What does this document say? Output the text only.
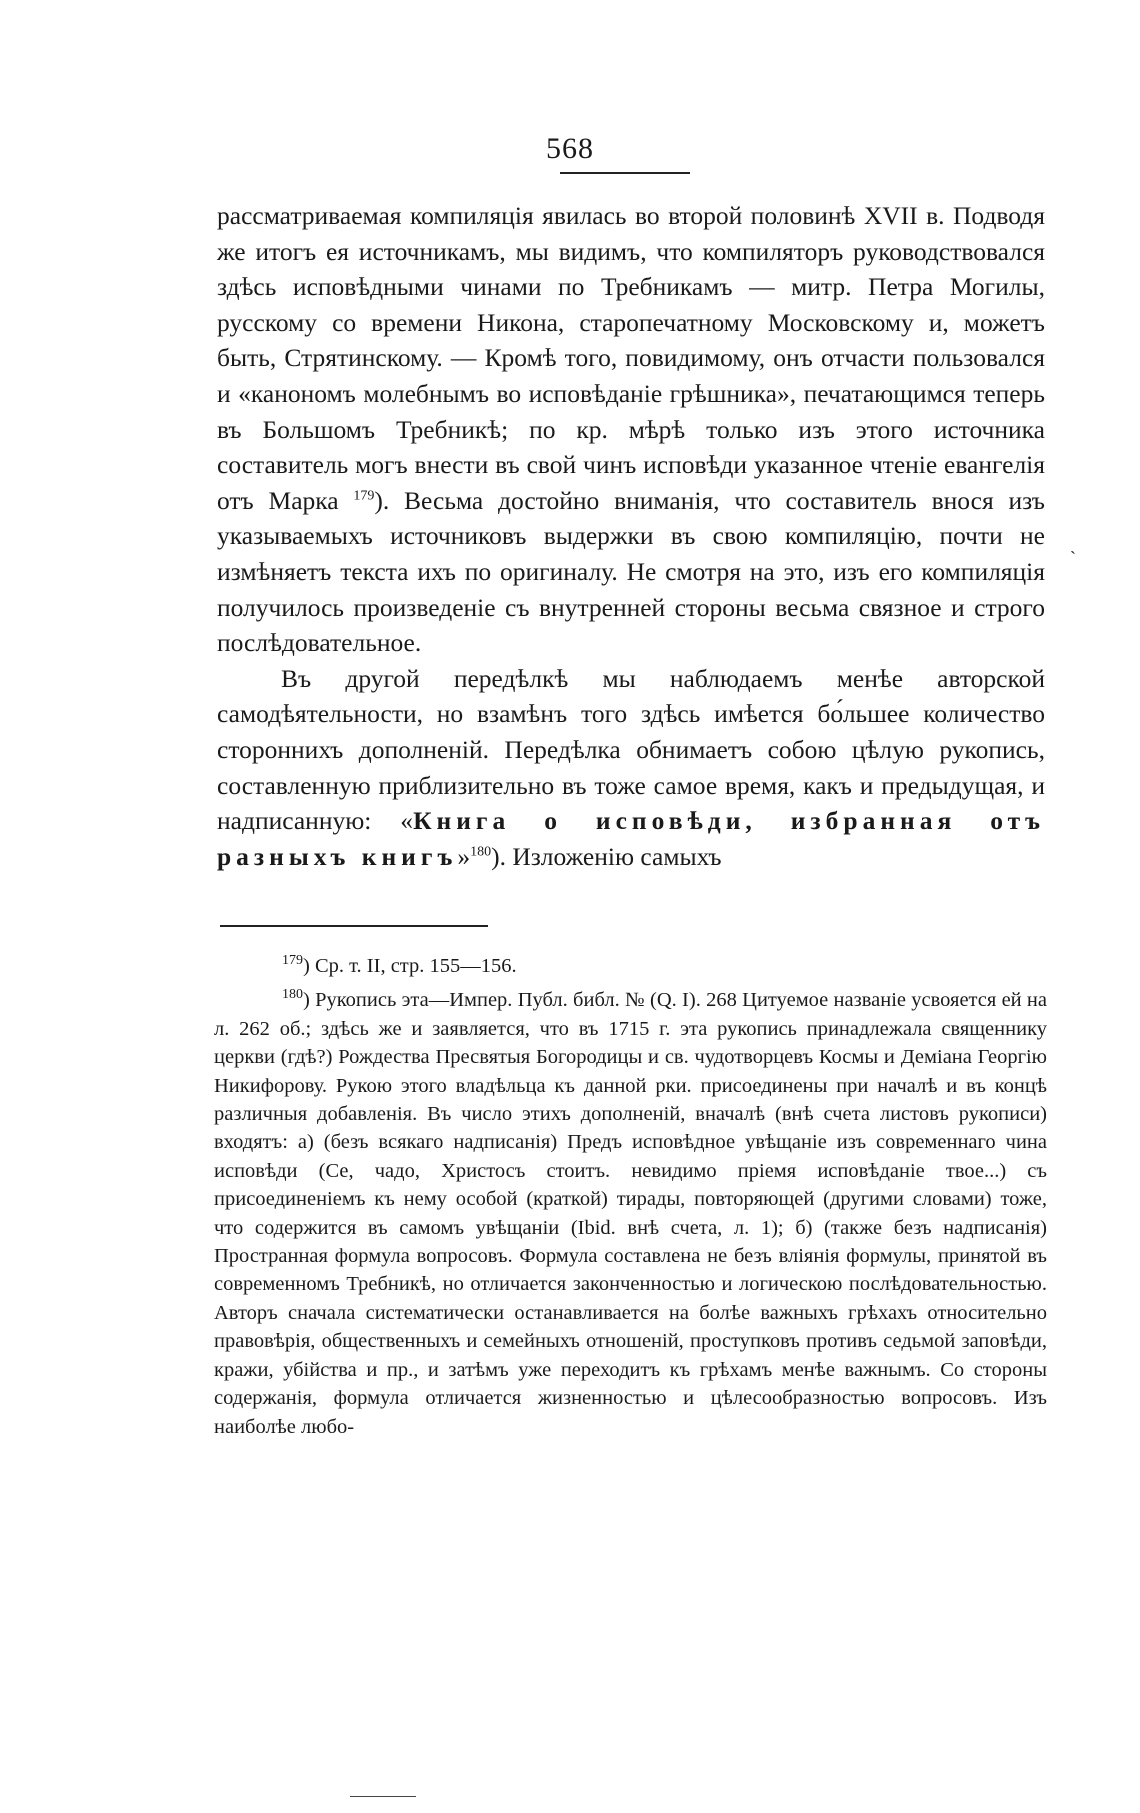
568

рассматриваемая компиляція явилась во второй половинѣ XVII в. Подводя же итогъ ея источникамъ, мы видимъ, что компиляторъ руководствовался здѣсь исповѣдными чинами по Требникамъ — митр. Петра Могилы, русскому со времени Никона, старопечатному Московскому и, можетъ быть, Стрятинскому. — Кромѣ того, повидимому, онъ отчасти пользовался и «канономъ молебнымъ во исповѣданіе грѣшника», печатающимся теперь въ Большомъ Требникѣ; по кр. мѣрѣ только изъ этого источника составитель могъ внести въ свой чинъ исповѣди указанное чтеніе евангелія отъ Марка $^{179}$). Весьма достойно вниманія, что составитель внося изъ указываемыхъ источниковъ выдержки въ свою компиляцію, почти не измѣняетъ текста ихъ по оригиналу. Не смотря на это, изъ его компиляція получилось произведеніе съ внутренней стороны весьма связное и строго послѣдовательное.

Въ другой передѣлкѣ мы наблюдаемъ менѣе авторской самодѣятельности, но взамѣнъ того здѣсь имѣется бо́льшее количество стороннихъ дополненій. Передѣлка обнимаетъ собою цѣлую рукопись, составленную приблизительно въ тоже самое время, какъ и предыдущая, и надписанную: «Книга о исповѣди, избранная отъ разныхъ книгъ»$^{180}$). Изложенію самыхъ

ˋ

$^{179}$) Ср. т. II, стр. 155—156.

$^{180}$) Рукопись эта—Импер. Публ. библ. № (Q. I). 268 Цитуемое названіе усвояется ей на л. 262 об.; здѣсь же и заявляется, что въ 1715 г. эта рукопись принадлежала священнику церкви (гдѣ?) Рождества Пресвятыя Богородицы и св. чудотворцевъ Космы и Деміана Георгію Никифорову. Рукою этого владѣльца къ данной рки. присоединены при началѣ и въ концѣ различныя добавленія. Въ число этихъ дополненій, вначалѣ (внѣ счета листовъ рукописи) входятъ: а) (безъ всякаго надписанія) Предъ исповѣдное увѣщаніе изъ современнаго чина исповѣди (Се, чадо, Христосъ стоитъ. невидимо пріемя исповѣданіе твое...) съ присоединеніемъ къ нему особой (краткой) тирады, повторяющей (другими словами) тоже, что содержится въ самомъ увѣщаніи (Ibid. внѣ счета, л. 1); б) (также безъ надписанія) Пространная формула вопросовъ. Формула составлена не безъ вліянія формулы, принятой въ современномъ Требникѣ, но отличается законченностью и логическою послѣдовательностью. Авторъ сначала систематически останавливается на болѣе важныхъ грѣхахъ относительно правовѣрія, общественныхъ и семейныхъ отношеній, проступковъ противъ седьмой заповѣди, кражи, убійства и пр., и затѣмъ уже переходитъ къ грѣхамъ менѣе важнымъ. Со стороны содержанія, формула отличается жизненностью и цѣлесообразностью вопросовъ. Изъ наиболѣе любо-
